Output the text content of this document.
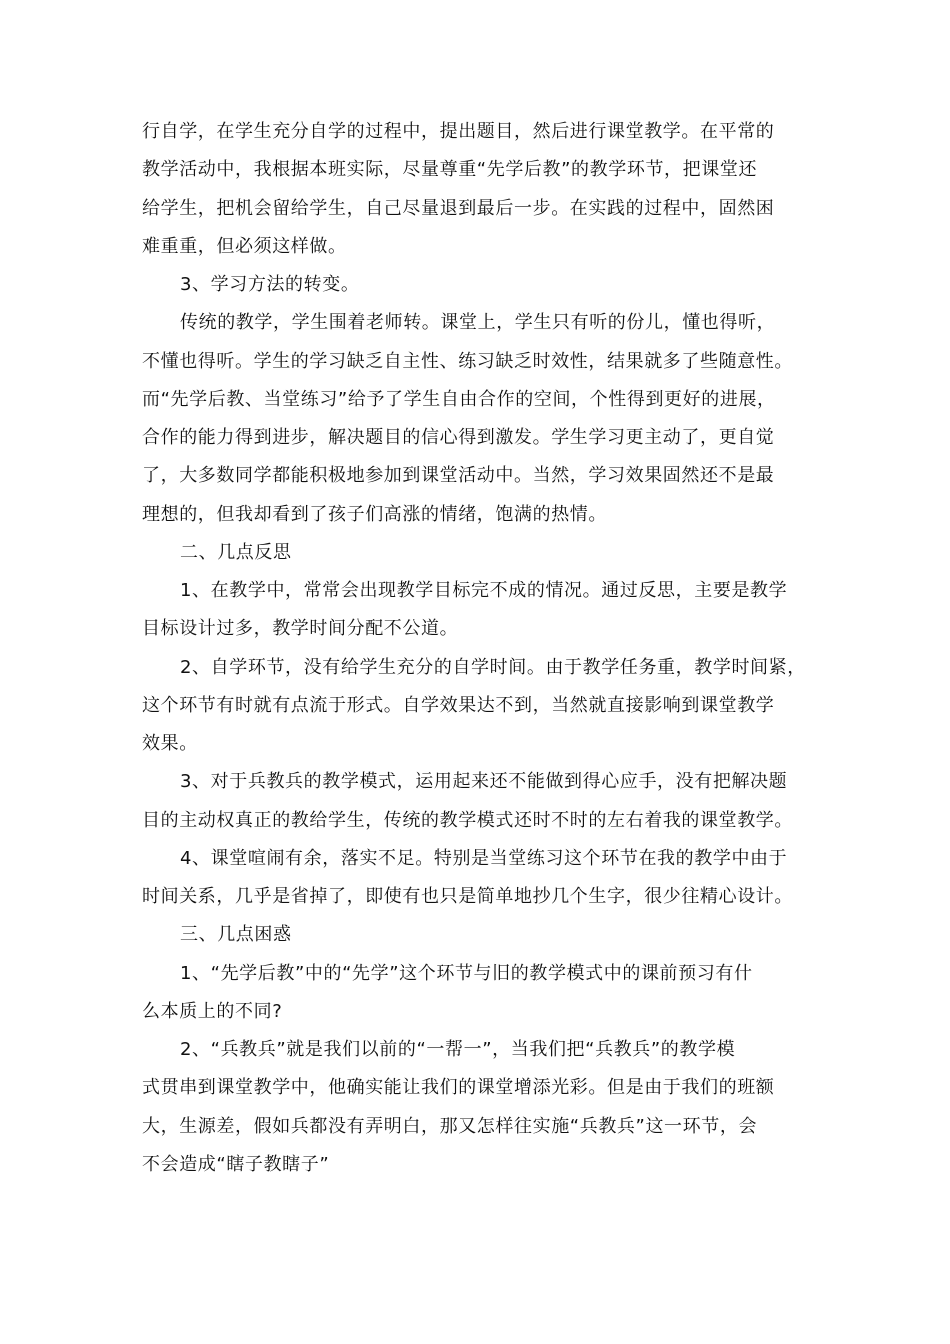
行自学，在学生充分自学的过程中，提出题目，然后进行课堂教学。在平常的
教学活动中，我根据本班实际，尽量尊重“先学后教”的教学环节，把课堂还
给学生，把机会留给学生，自己尽量退到最后一步。在实践的过程中，固然困
难重重，但必须这样做。
3、学习方法的转变。
传统的教学，学生围着老师转。课堂上，学生只有听的份儿，懂也得听，
不懂也得听。学生的学习缺乏自主性、练习缺乏时效性，结果就多了些随意性。
而“先学后教、当堂练习”给予了学生自由合作的空间，个性得到更好的进展，
合作的能力得到进步，解决题目的信心得到激发。学生学习更主动了，更自觉
了，大多数同学都能积极地参加到课堂活动中。当然，学习效果固然还不是最
理想的，但我却看到了孩子们高涨的情绪，饱满的热情。
二、几点反思
1、在教学中，常常会出现教学目标完不成的情况。通过反思，主要是教学
目标设计过多，教学时间分配不公道。
2、自学环节，没有给学生充分的自学时间。由于教学任务重，教学时间紧，
这个环节有时就有点流于形式。自学效果达不到，当然就直接影响到课堂教学
效果。
3、对于兵教兵的教学模式，运用起来还不能做到得心应手，没有把解决题
目的主动权真正的教给学生，传统的教学模式还时不时的左右着我的课堂教学。
4、课堂喧闹有余，落实不足。特别是当堂练习这个环节在我的教学中由于
时间关系，几乎是省掉了，即使有也只是简单地抄几个生字，很少往精心设计。
三、几点困惑
1、“先学后教”中的“先学”这个环节与旧的教学模式中的课前预习有什
么本质上的不同?
2、“兵教兵”就是我们以前的“一帮一”，当我们把“兵教兵”的教学模
式贯串到课堂教学中，他确实能让我们的课堂增添光彩。但是由于我们的班额
大，生源差，假如兵都没有弄明白，那又怎样往实施“兵教兵”这一环节，会
不会造成“瞎子教瞎子”
